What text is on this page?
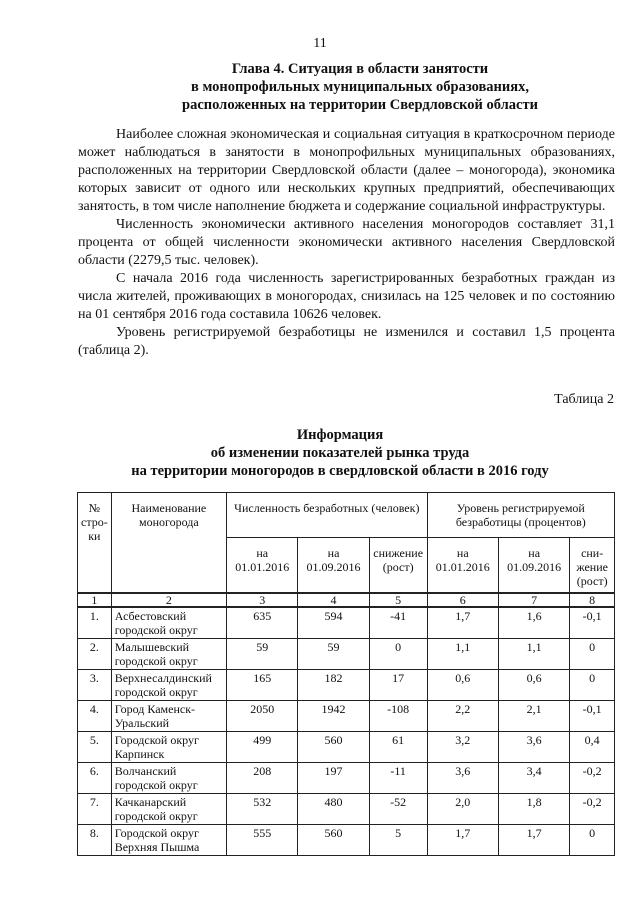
11
Глава 4. Ситуация в области занятости
в монопрофильных муниципальных образованиях,
расположенных на территории Свердловской области

Наиболее сложная экономическая и социальная ситуация в краткосрочном периоде может наблюдаться в занятости в монопрофильных муниципальных образованиях, расположенных на территории Свердловской области (далее – моногорода), экономика которых зависит от одного или нескольких крупных предприятий, обеспечивающих занятость, в том числе наполнение бюджета и содержание социальной инфраструктуры.

Численность экономически активного населения моногородов составляет 31,1 процента от общей численности экономически активного населения Свердловской области (2279,5 тыс. человек).

С начала 2016 года численность зарегистрированных безработных граждан из числа жителей, проживающих в моногородах, снизилась на 125 человек и по состоянию на 01 сентября 2016 года составила 10626 человек.

Уровень регистрируемой безработицы не изменился и составил 1,5 процента (таблица 2).

Таблица 2
Информация
об изменении показателей рынка труда
на территории моногородов в свердловской области в 2016 году
№ стро-ки	Наименование моногорода	Численность безработных (человек)			Уровень регистрируемой безработицы (процентов)		
		на 01.01.2016	на 01.09.2016	снижение (рост)	на 01.01.2016	на 01.09.2016	сни-жение (рост)
1	2	3	4	5	6	7	8
1.	Асбестовский городской округ	635	594	-41	1,7	1,6	-0,1
2.	Малышевский городской округ	59	59	0	1,1	1,1	0
3.	Верхнесалдинский городской округ	165	182	17	0,6	0,6	0
4.	Город Каменск-Уральский	2050	1942	-108	2,2	2,1	-0,1
5.	Городской округ Карпинск	499	560	61	3,2	3,6	0,4
6.	Волчанский городской округ	208	197	-11	3,6	3,4	-0,2
7.	Качканарский городской округ	532	480	-52	2,0	1,8	-0,2
8.	Городской округ Верхняя Пышма	555	560	5	1,7	1,7	0
